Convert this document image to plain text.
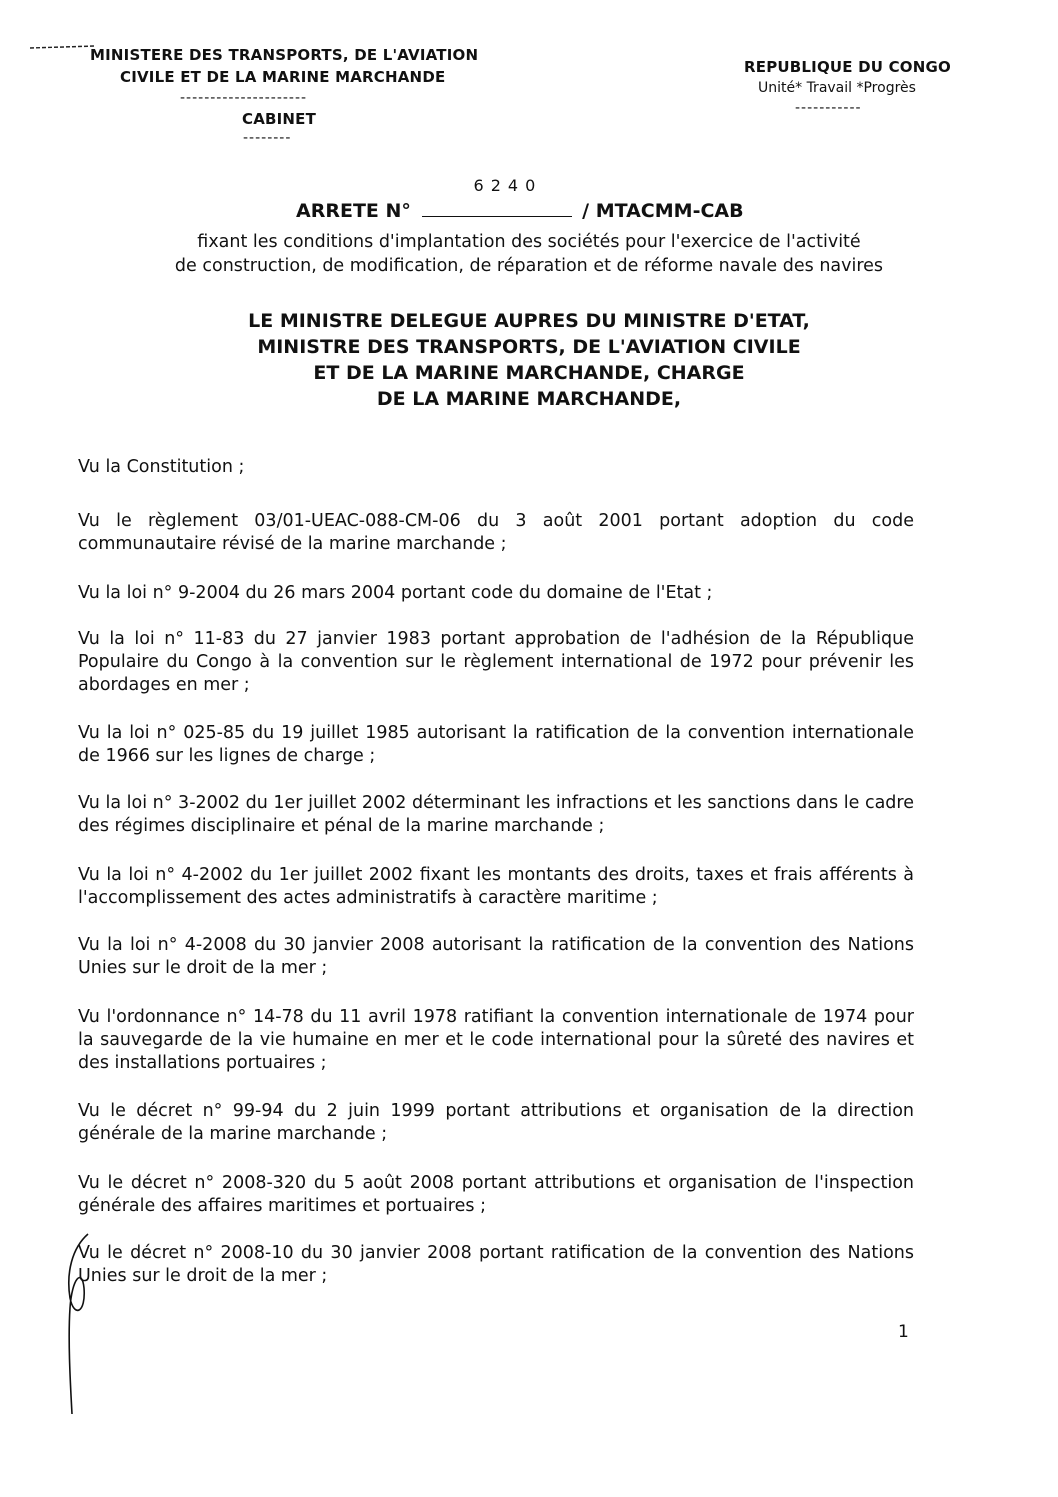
MINISTERE DES TRANSPORTS, DE L'AVIATION
CIVILE ET DE LA MARINE MARCHANDE
---------------------
CABINET
--------
REPUBLIQUE DU CONGO
Unité* Travail *Progrès
-----------
ARRETE N°
6240
/ MTACMM-CAB
fixant les conditions d'implantation des sociétés pour l'exercice de l'activité
de construction, de modification, de réparation et de réforme navale des navires
LE MINISTRE DELEGUE AUPRES DU MINISTRE D'ETAT,
MINISTRE DES TRANSPORTS, DE L'AVIATION CIVILE
ET DE LA MARINE MARCHANDE, CHARGE
DE LA MARINE MARCHANDE,
Vu la Constitution ;
Vu le règlement 03/01-UEAC-088-CM-06 du 3 août 2001 portant adoption du code communautaire révisé de la marine marchande ;
Vu la loi n° 9-2004 du 26 mars 2004 portant code du domaine de l'Etat ;
Vu la loi n° 11-83 du 27 janvier 1983 portant approbation de l'adhésion de la République Populaire du Congo à la convention sur le règlement international de 1972 pour prévenir les abordages en mer ;
Vu la loi n° 025-85 du 19 juillet 1985 autorisant la ratification de la convention internationale de 1966 sur les lignes de charge ;
Vu la loi n° 3-2002 du 1er juillet 2002 déterminant les infractions et les sanctions dans le cadre des régimes disciplinaire et pénal de la marine marchande ;
Vu la loi n° 4-2002 du 1er juillet 2002 fixant les montants des droits, taxes et frais afférents à l'accomplissement des actes administratifs à caractère maritime ;
Vu la loi n° 4-2008 du 30 janvier 2008 autorisant la ratification de la convention des Nations Unies sur le droit de la mer ;
Vu l'ordonnance n° 14-78 du 11 avril 1978 ratifiant la convention internationale de 1974 pour la sauvegarde de la vie humaine en mer et le code international pour la sûreté des navires et des installations portuaires ;
Vu le décret n° 99-94 du 2 juin 1999 portant attributions et organisation de la direction générale de la marine marchande ;
Vu le décret n° 2008-320 du 5 août 2008 portant attributions et organisation de l'inspection générale des affaires maritimes et portuaires ;
Vu le décret n° 2008-10 du 30 janvier 2008 portant ratification de la convention des Nations Unies sur le droit de la mer ;
1
